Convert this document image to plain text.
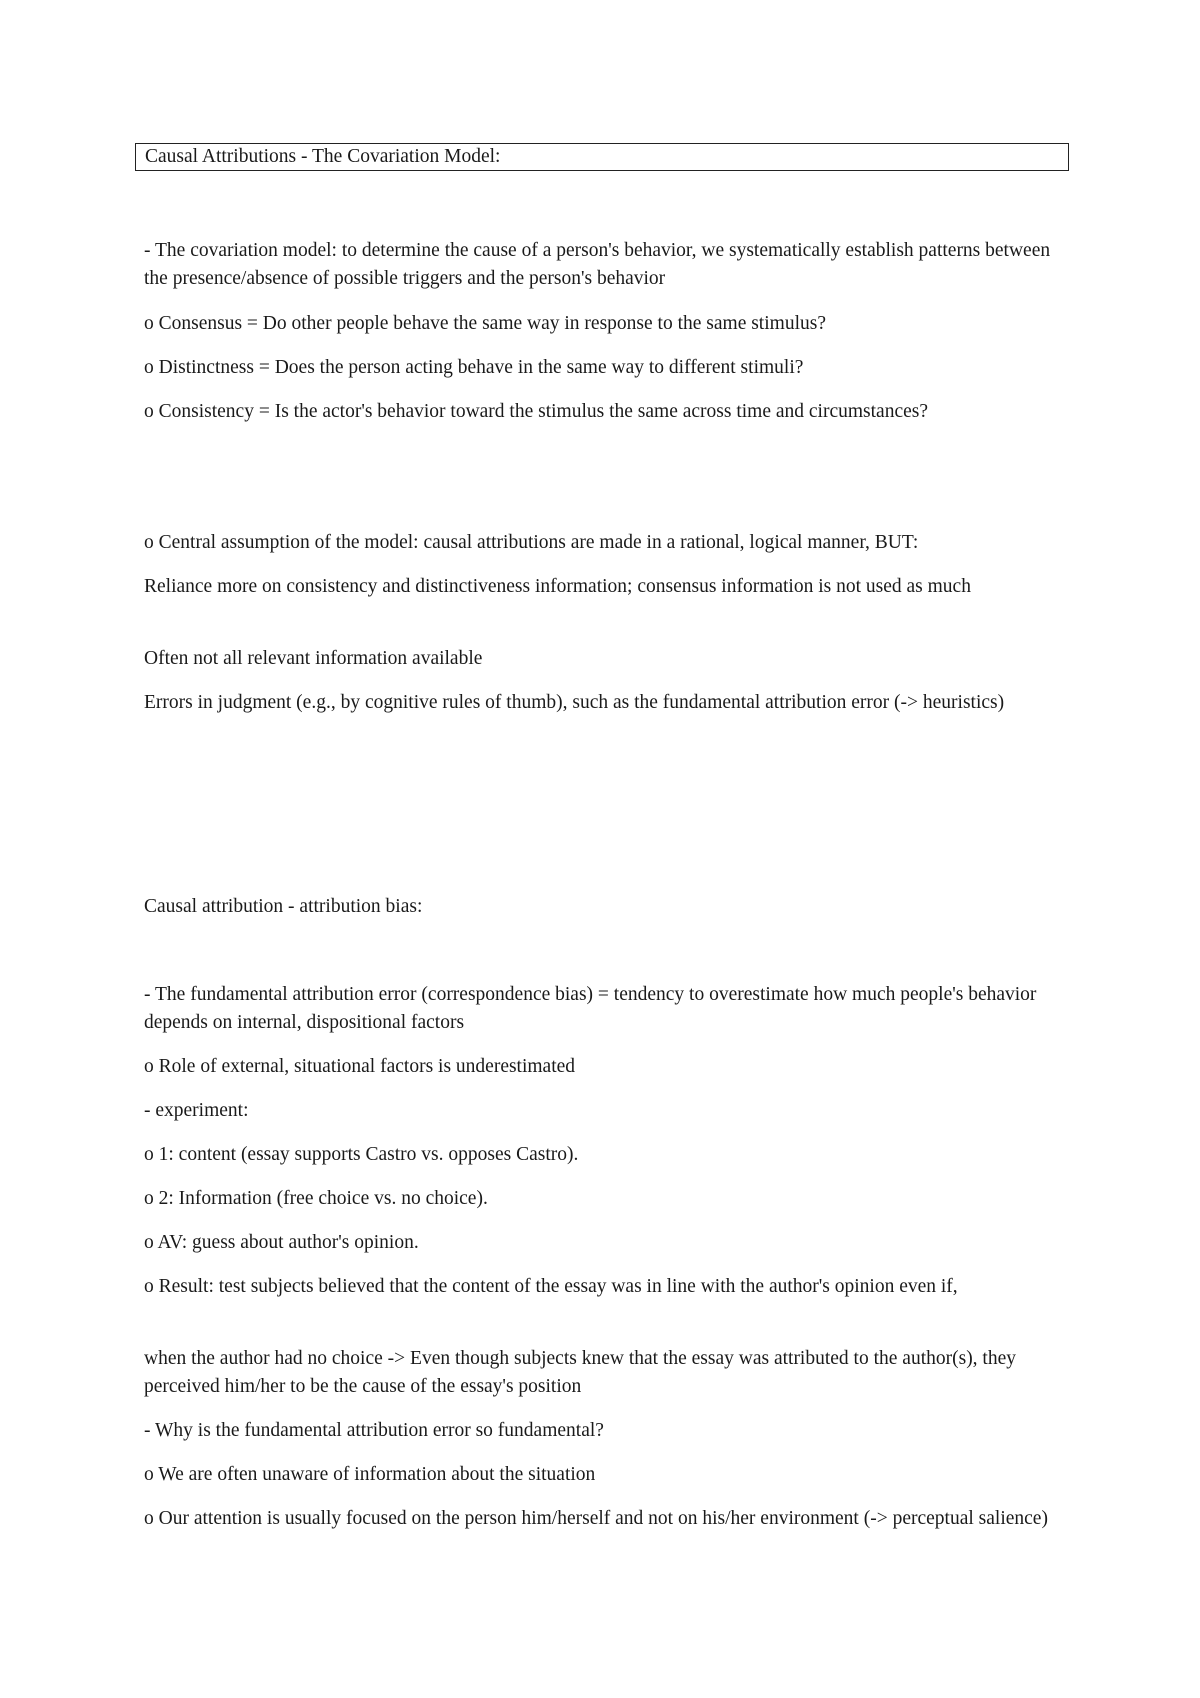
Causal Attributions - The Covariation Model:

- The covariation model: to determine the cause of a person's behavior, we systematically establish patterns between the presence/absence of possible triggers and the person's behavior

o Consensus = Do other people behave the same way in response to the same stimulus?

o Distinctness = Does the person acting behave in the same way to different stimuli?

o Consistency = Is the actor's behavior toward the stimulus the same across time and circumstances?

o Central assumption of the model: causal attributions are made in a rational, logical manner, BUT:

Reliance more on consistency and distinctiveness information; consensus information is not used as much

Often not all relevant information available

Errors in judgment (e.g., by cognitive rules of thumb), such as the fundamental attribution error (-> heuristics)

Causal attribution - attribution bias:

- The fundamental attribution error (correspondence bias) = tendency to overestimate how much people's behavior depends on internal, dispositional factors

o Role of external, situational factors is underestimated

- experiment:

o 1: content (essay supports Castro vs. opposes Castro).

o 2: Information (free choice vs. no choice).

o AV: guess about author's opinion.

o Result: test subjects believed that the content of the essay was in line with the author's opinion even if,

when the author had no choice -> Even though subjects knew that the essay was attributed to the author(s), they perceived him/her to be the cause of the essay's position

- Why is the fundamental attribution error so fundamental?

o We are often unaware of information about the situation

o Our attention is usually focused on the person him/herself and not on his/her environment (-> perceptual salience)
